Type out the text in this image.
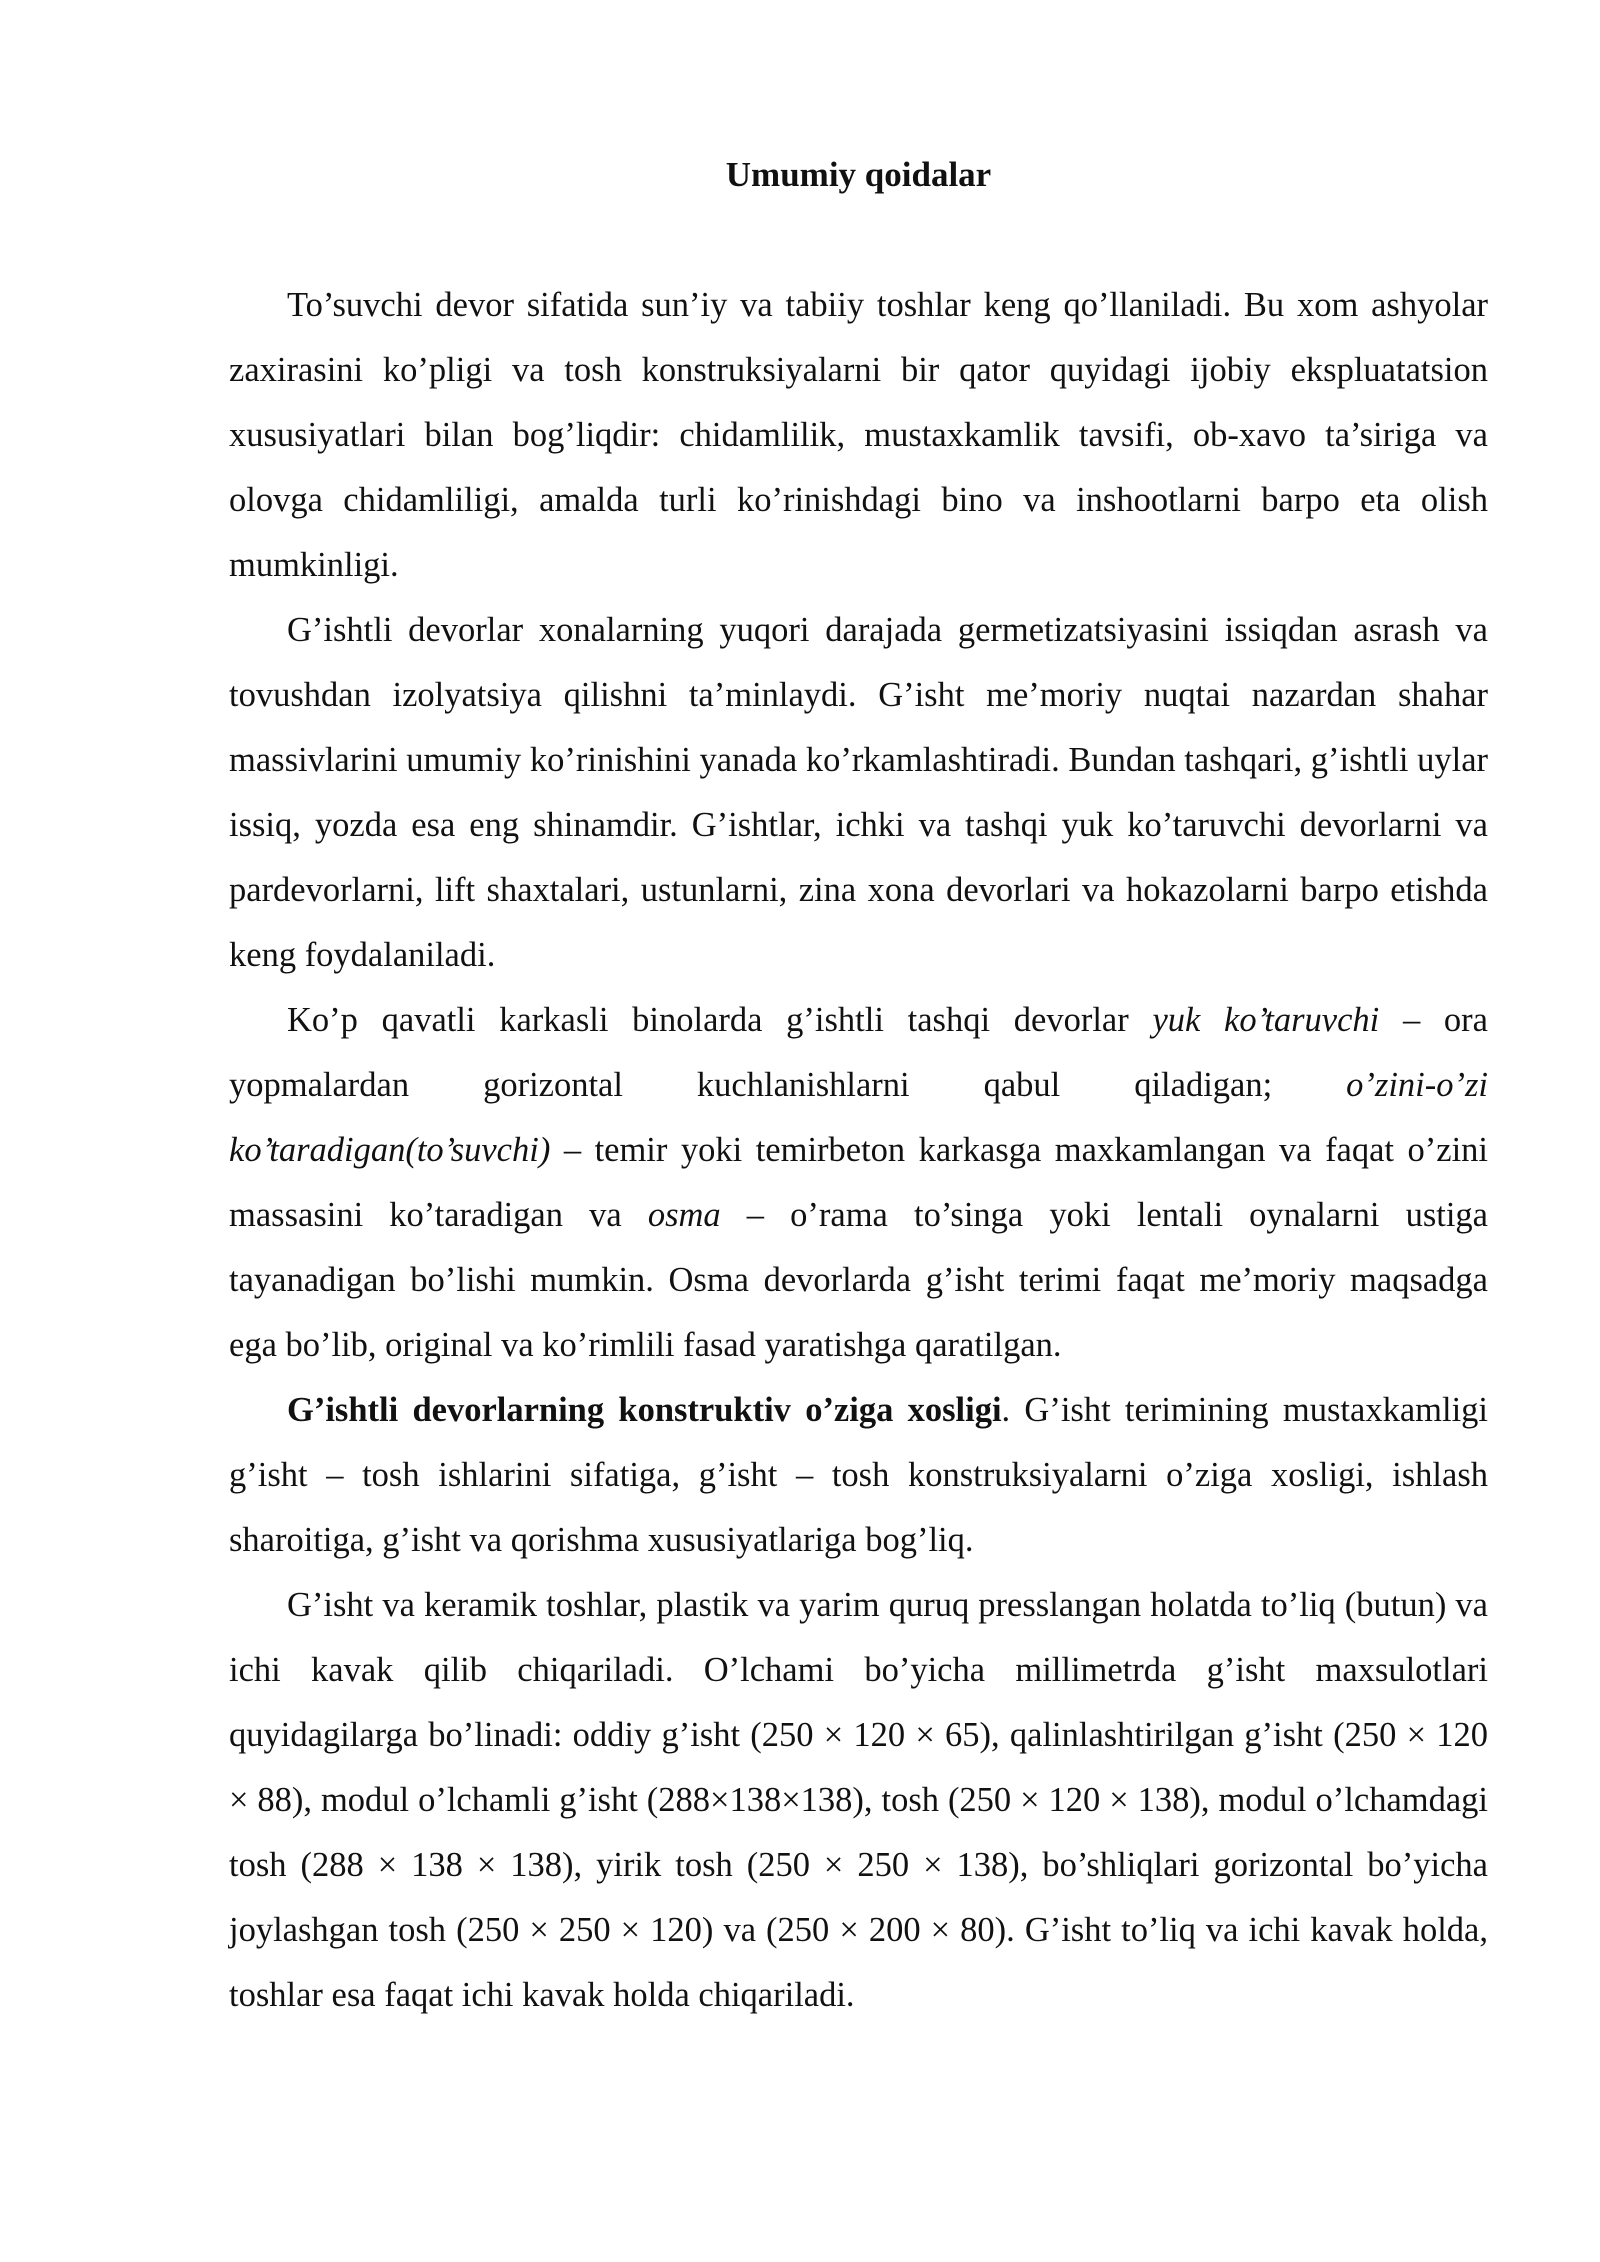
Umumiy qoidalar

To’suvchi devor sifatida sun’iy va tabiiy toshlar keng qo’llaniladi. Bu xom ashyolar zaxirasini ko’pligi va tosh konstruksiyalarni bir qator quyidagi ijobiy ekspluatatsion xususiyatlari bilan bog’liqdir: chidamlilik, mustaxkamlik tavsifi, ob-xavo ta’siriga va olovga chidamliligi, amalda turli ko’rinishdagi bino va inshootlarni barpo eta olish mumkinligi.

G’ishtli devorlar xonalarning yuqori darajada germetizatsiyasini issiqdan asrash va tovushdan izolyatsiya qilishni ta’minlaydi. G’isht me’moriy nuqtai nazardan shahar massivlarini umumiy ko’rinishini yanada ko’rkamlashtiradi. Bundan tashqari, g’ishtli uylar issiq, yozda esa eng shinamdir. G’ishtlar, ichki va tashqi yuk ko’taruvchi devorlarni va pardevorlarni, lift shaxtalari, ustunlarni, zina xona devorlari va hokazolarni barpo etishda keng foydalaniladi.

Ko’p qavatli karkasli binolarda g’ishtli tashqi devorlar yuk ko’taruvchi – ora yopmalardan gorizontal kuchlanishlarni qabul qiladigan; o’zini-o’zi ko’taradigan(to’suvchi) – temir yoki temirbeton karkasga maxkamlangan va faqat o’zini massasini ko’taradigan va osma – o’rama to’singa yoki lentali oynalarni ustiga tayanadigan bo’lishi mumkin. Osma devorlarda g’isht terimi faqat me’moriy maqsadga ega bo’lib, original va ko’rimlili fasad yaratishga qaratilgan.

G’ishtli devorlarning konstruktiv o’ziga xosligi. G’isht terimining mustaxkamligi g’isht – tosh ishlarini sifatiga, g’isht – tosh konstruksiyalarni o’ziga xosligi, ishlash sharoitiga, g’isht va qorishma xususiyatlariga bog’liq.

G’isht va keramik toshlar, plastik va yarim quruq presslangan holatda to’liq (butun) va ichi kavak qilib chiqariladi. O’lchami bo’yicha millimetrda g’isht maxsulotlari quyidagilarga bo’linadi: oddiy g’isht (250 × 120 × 65), qalinlashtirilgan g’isht (250 × 120 × 88), modul o’lchamli g’isht (288×138×138), tosh (250 × 120 × 138), modul o’lchamdagi tosh (288 × 138 × 138), yirik tosh (250 × 250 × 138), bo’shliqlari gorizontal bo’yicha joylashgan tosh (250 × 250 × 120) va (250 × 200 × 80). G’isht to’liq va ichi kavak holda, toshlar esa faqat ichi kavak holda chiqariladi.
